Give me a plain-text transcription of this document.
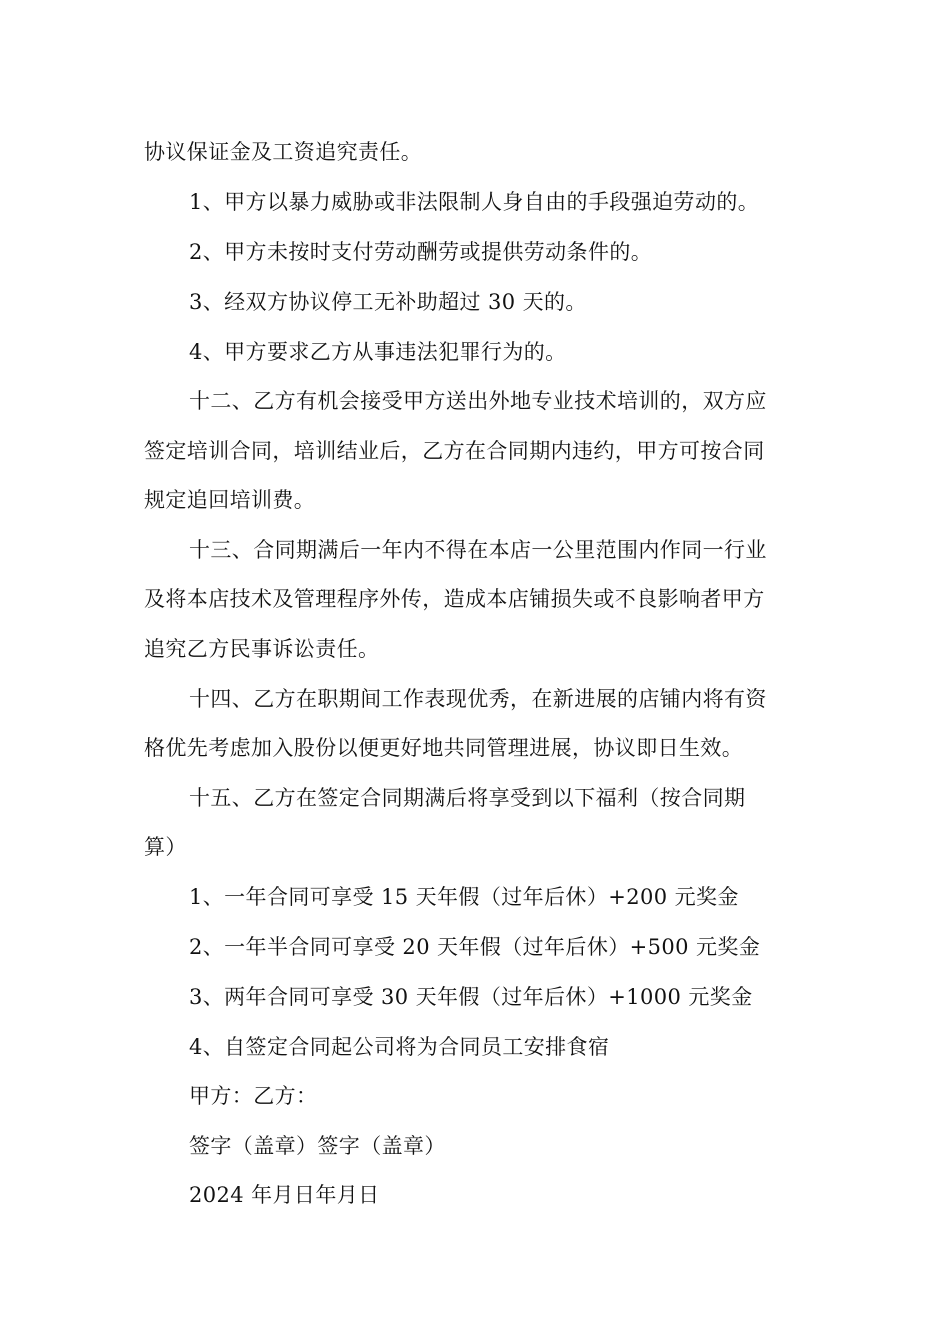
协议保证金及工资追究责任。
1、甲方以暴力威胁或非法限制人身自由的手段强迫劳动的。
2、甲方未按时支付劳动酬劳或提供劳动条件的。
3、经双方协议停工无补助超过 30 天的。
4、甲方要求乙方从事违法犯罪行为的。
十二、乙方有机会接受甲方送出外地专业技术培训的，双方应
签定培训合同，培训结业后，乙方在合同期内违约，甲方可按合同
规定追回培训费。
十三、合同期满后一年内不得在本店一公里范围内作同一行业
及将本店技术及管理程序外传，造成本店铺损失或不良影响者甲方
追究乙方民事诉讼责任。
十四、乙方在职期间工作表现优秀，在新进展的店铺内将有资
格优先考虑加入股份以便更好地共同管理进展，协议即日生效。
十五、乙方在签定合同期满后将享受到以下福利（按合同期
算）
1、一年合同可享受 15 天年假（过年后休）+200 元奖金
2、一年半合同可享受 20 天年假（过年后休）+500 元奖金
3、两年合同可享受 30 天年假（过年后休）+1000 元奖金
4、自签定合同起公司将为合同员工安排食宿
甲方：乙方：
签字（盖章）签字（盖章）
2024 年月日年月日
